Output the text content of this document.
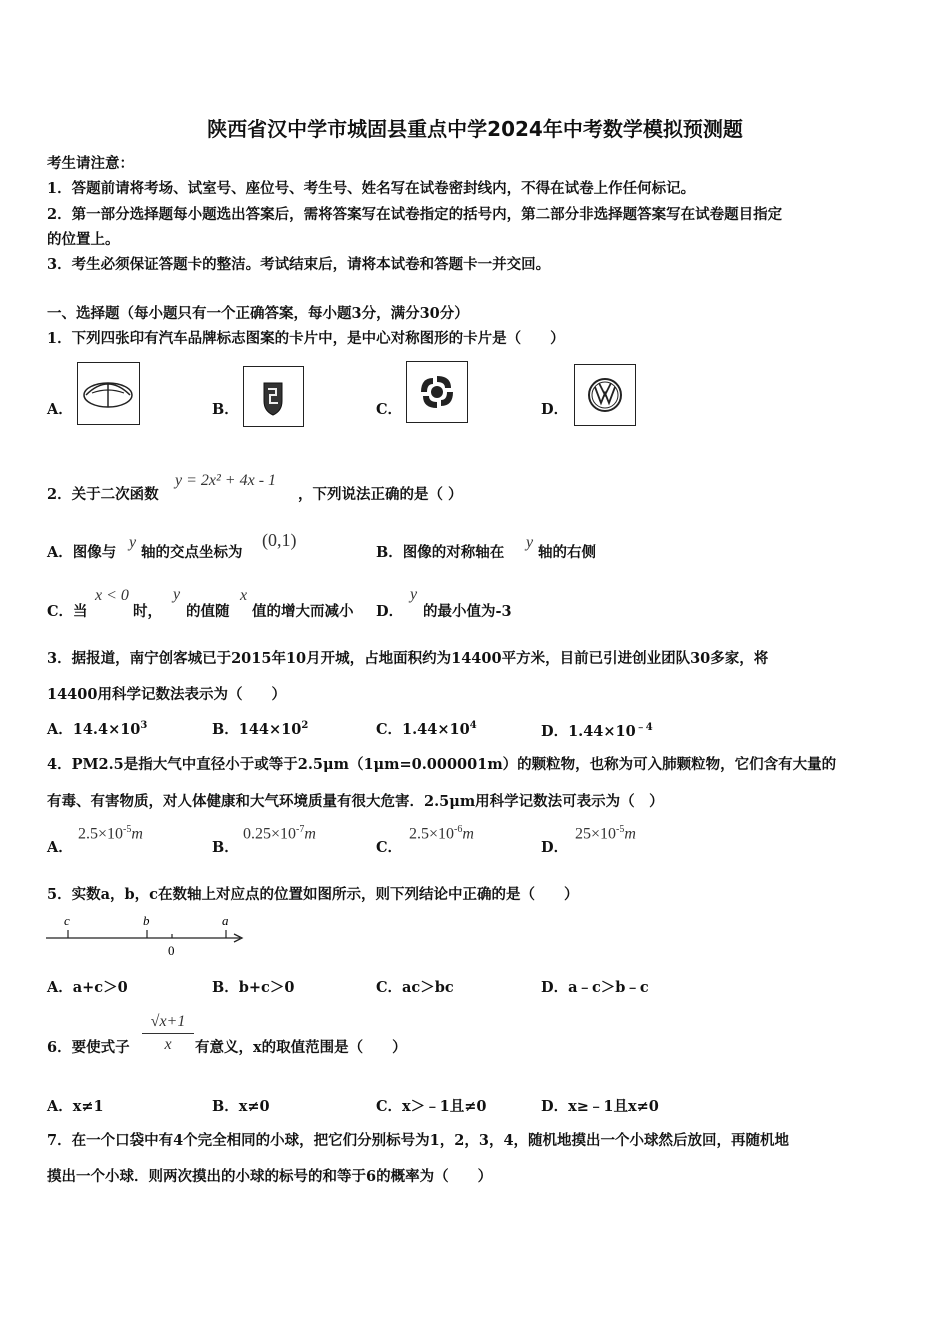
陕西省汉中学市城固县重点中学2024年中考数学模拟预测题
考生请注意：
1．答题前请将考场、试室号、座位号、考生号、姓名写在试卷密封线内，不得在试卷上作任何标记。
2．第一部分选择题每小题选出答案后，需将答案写在试卷指定的括号内，第二部分非选择题答案写在试卷题目指定
的位置上。
3．考生必须保证答题卡的整洁。考试结束后，请将本试卷和答题卡一并交回。
一、选择题（每小题只有一个正确答案，每小题3分，满分30分）
1．下列四张印有汽车品牌标志图案的卡片中，是中心对称图形的卡片是（　　）
A．	B．	C．	D．
2．关于二次函数
y = 2x² + 4x - 1
，下列说法正确的是（ ）
A．图像与
y
轴的交点坐标为
(0,1)
B．图像的对称轴在
y
轴的右侧
C．当
x < 0
时，
y
的值随
x
值的增大而减小 D．
y
的最小值为-3
3．据报道，南宁创客城已于2015年10月开城，占地面积约为14400平方米，目前已引进创业团队30多家，将
14400用科学记数法表示为（　　）
A．$14.4\times 10^3$	B．$144\times 10^2$	C．$1.44\times 10^4$	D．$1.44\times 10^{﹣4}$
4．PM2.5是指大气中直径小于或等于2.5μm（1μm=0.000001m）的颗粒物，也称为可入肺颗粒物，它们含有大量的
有毒、有害物质，对人体健康和大气环境质量有很大危害．2.5μm用科学记数法可表示为（　）
A．
$2.5\times 10^{-5}m$
B．
$0.25\times 10^{-7}m$
C．
$2.5\times 10^{-6}m$
D．
$25\times 10^{-5}m$
5．实数a，b，c在数轴上对应点的位置如图所示，则下列结论中正确的是（　　）
c	b	a
0
A．a+c＞0	B．b+c＞0	C．ac＞bc	D．a﹣c＞b﹣c
6．要使式子 $\frac{√x+1}{x}$ 有意义，x的取值范围是（　　）
A．x≠1	B．x≠0	C．x＞﹣1且≠0	D．x≥﹣1且x≠0
7．在一个口袋中有4个完全相同的小球，把它们分别标号为1，2，3，4，随机地摸出一个小球然后放回，再随机地
摸出一个小球．则两次摸出的小球的标号的和等于6的概率为（　　）
